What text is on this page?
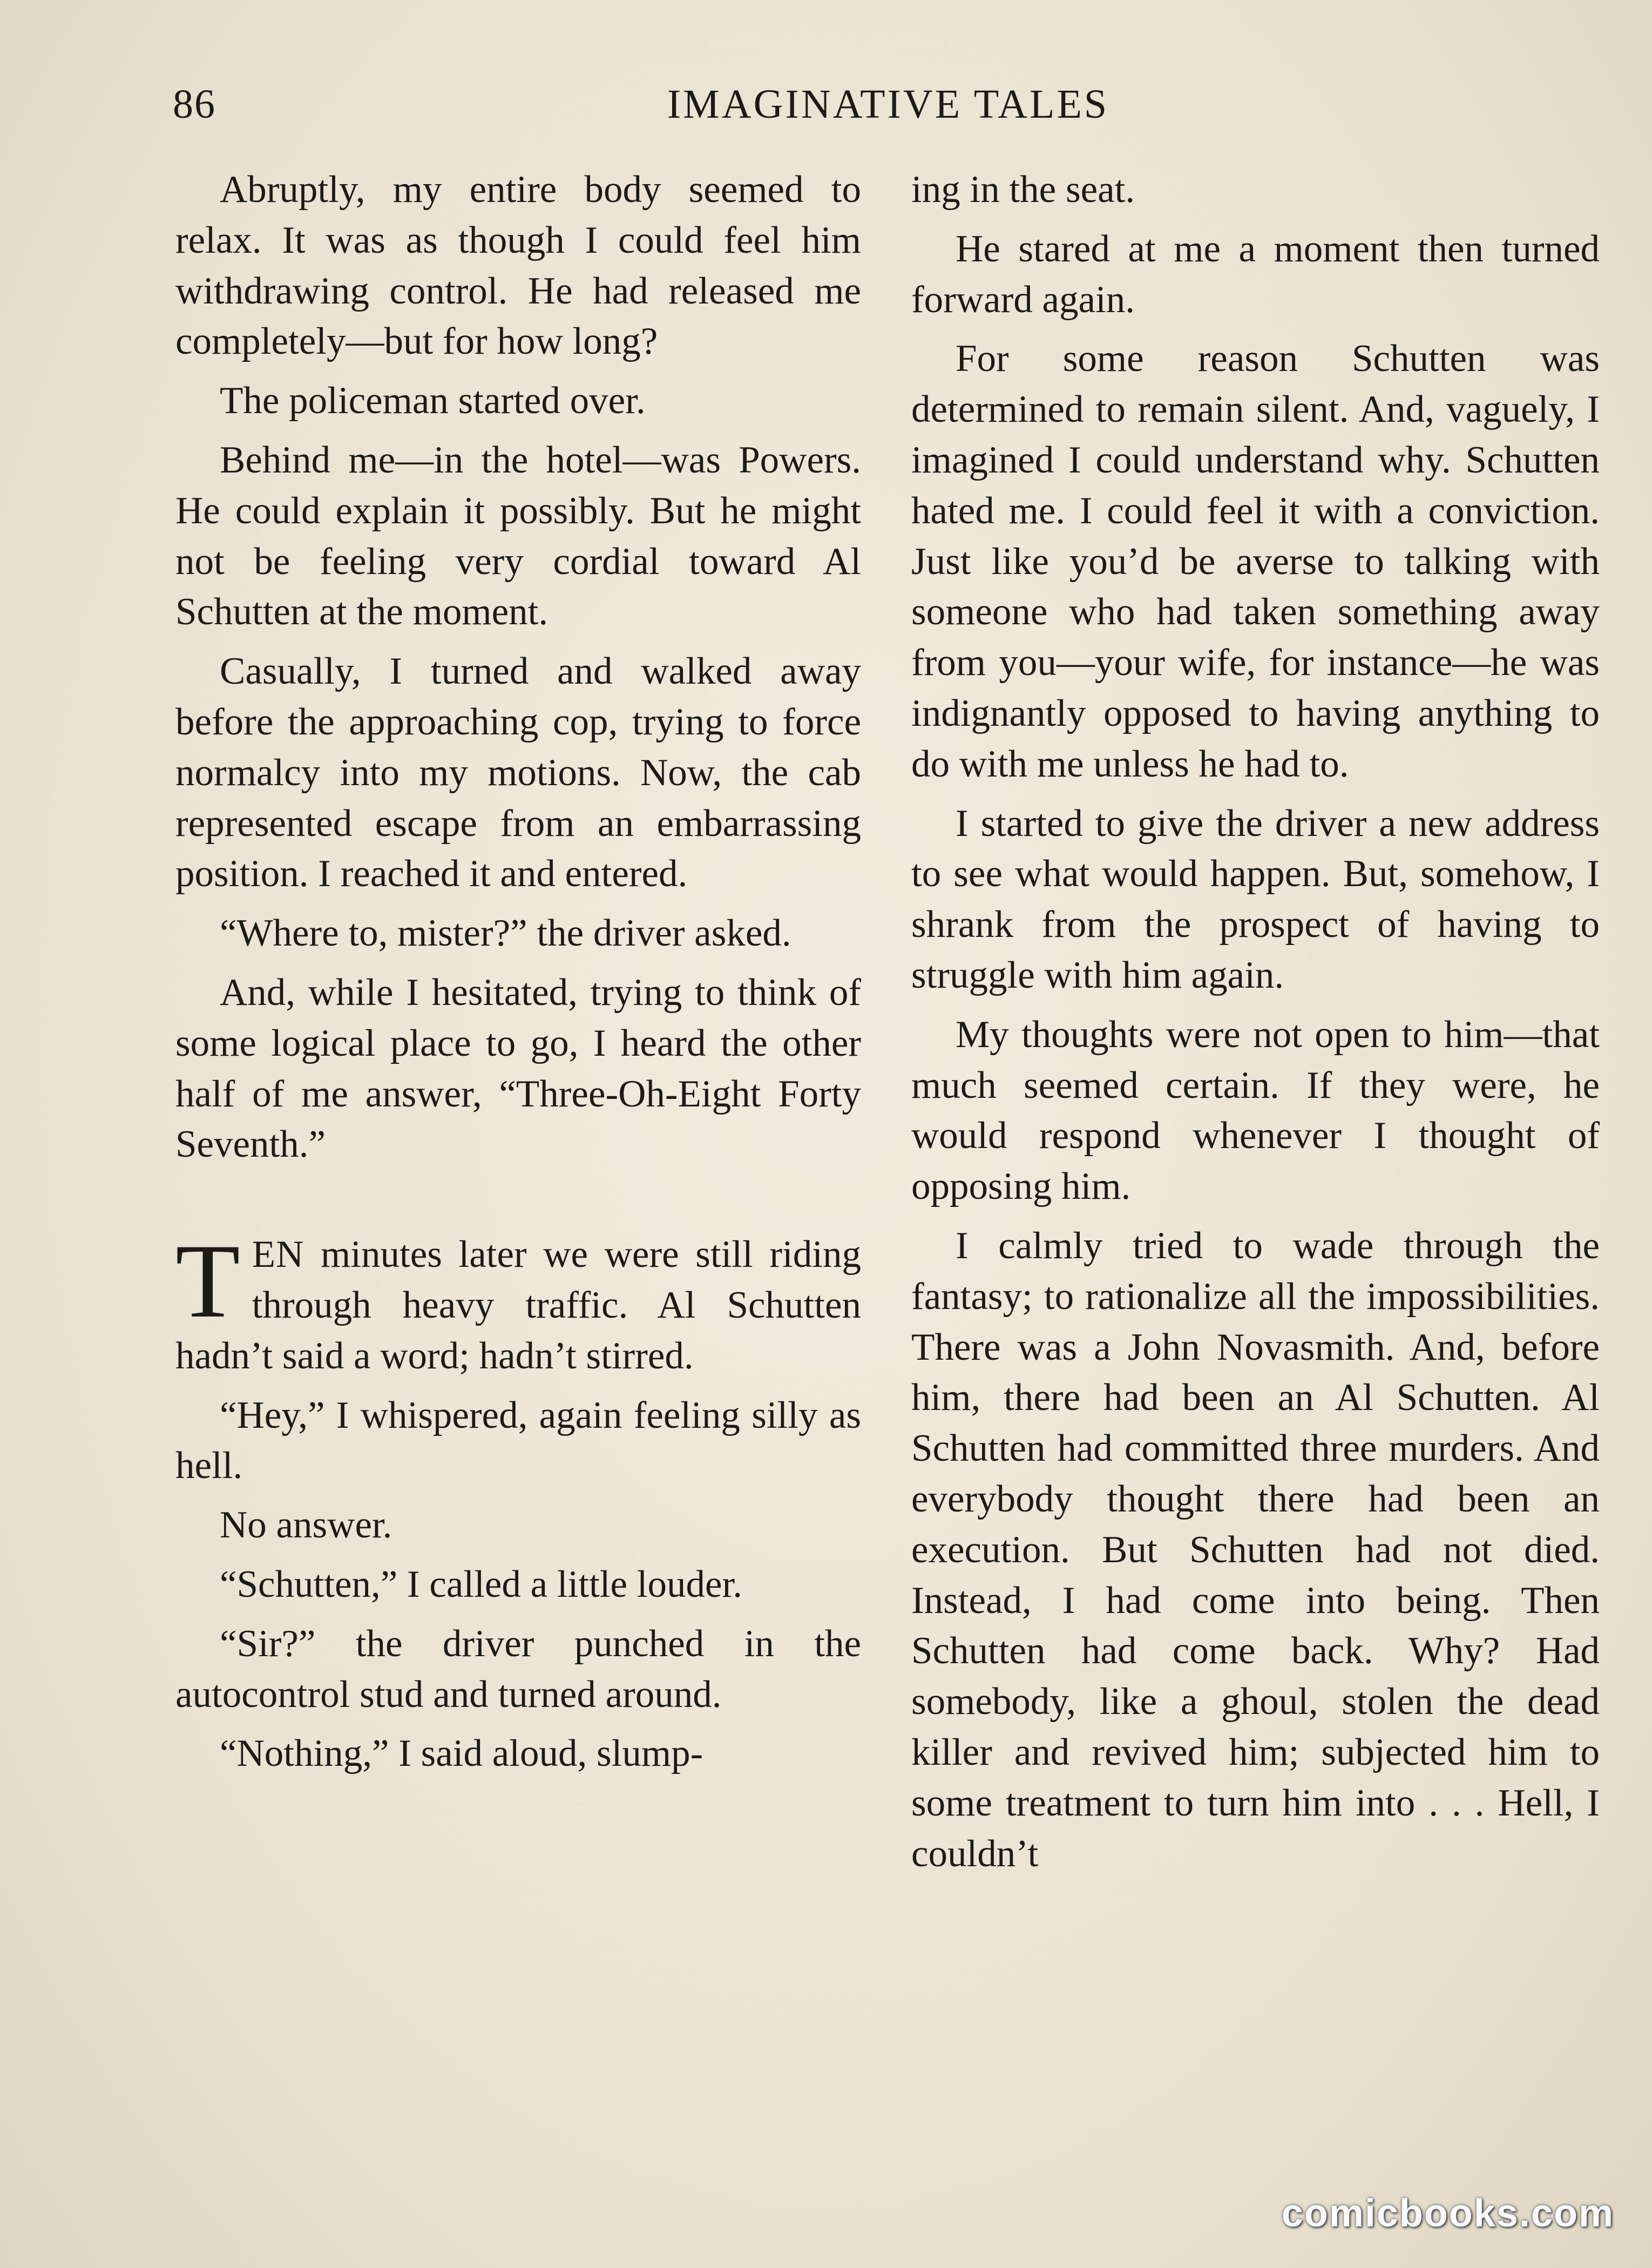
86	IMAGINATIVE TALES

Abruptly, my entire body seemed to relax. It was as though I could feel him withdrawing control. He had released me completely—but for how long?

The policeman started over.

Behind me—in the hotel—was Powers. He could explain it possibly. But he might not be feeling very cordial toward Al Schutten at the moment.

Casually, I turned and walked away before the approaching cop, trying to force normalcy into my motions. Now, the cab represented escape from an embarrassing position. I reached it and entered.

“Where to, mister?” the driver asked.

And, while I hesitated, trying to think of some logical place to go, I heard the other half of me answer, “Three-Oh-Eight Forty Seventh.”

TEN minutes later we were still riding through heavy traffic. Al Schutten hadn’t said a word; hadn’t stirred.

“Hey,” I whispered, again feeling silly as hell.

No answer.

“Schutten,” I called a little louder.

“Sir?” the driver punched in the autocontrol stud and turned around.

“Nothing,” I said aloud, slump-

ing in the seat.

He stared at me a moment then turned forward again.

For some reason Schutten was determined to remain silent. And, vaguely, I imagined I could understand why. Schutten hated me. I could feel it with a conviction. Just like you’d be averse to talking with someone who had taken something away from you—your wife, for instance—he was indignantly opposed to having anything to do with me unless he had to.

I started to give the driver a new address to see what would happen. But, somehow, I shrank from the prospect of having to struggle with him again.

My thoughts were not open to him—that much seemed certain. If they were, he would respond whenever I thought of opposing him.

I calmly tried to wade through the fantasy; to rationalize all the impossibilities. There was a John Novasmith. And, before him, there had been an Al Schutten. Al Schutten had committed three murders. And everybody thought there had been an execution. But Schutten had not died. Instead, I had come into being. Then Schutten had come back. Why? Had somebody, like a ghoul, stolen the dead killer and revived him; subjected him to some treatment to turn him into . . . Hell, I couldn’t

comicbooks.com
